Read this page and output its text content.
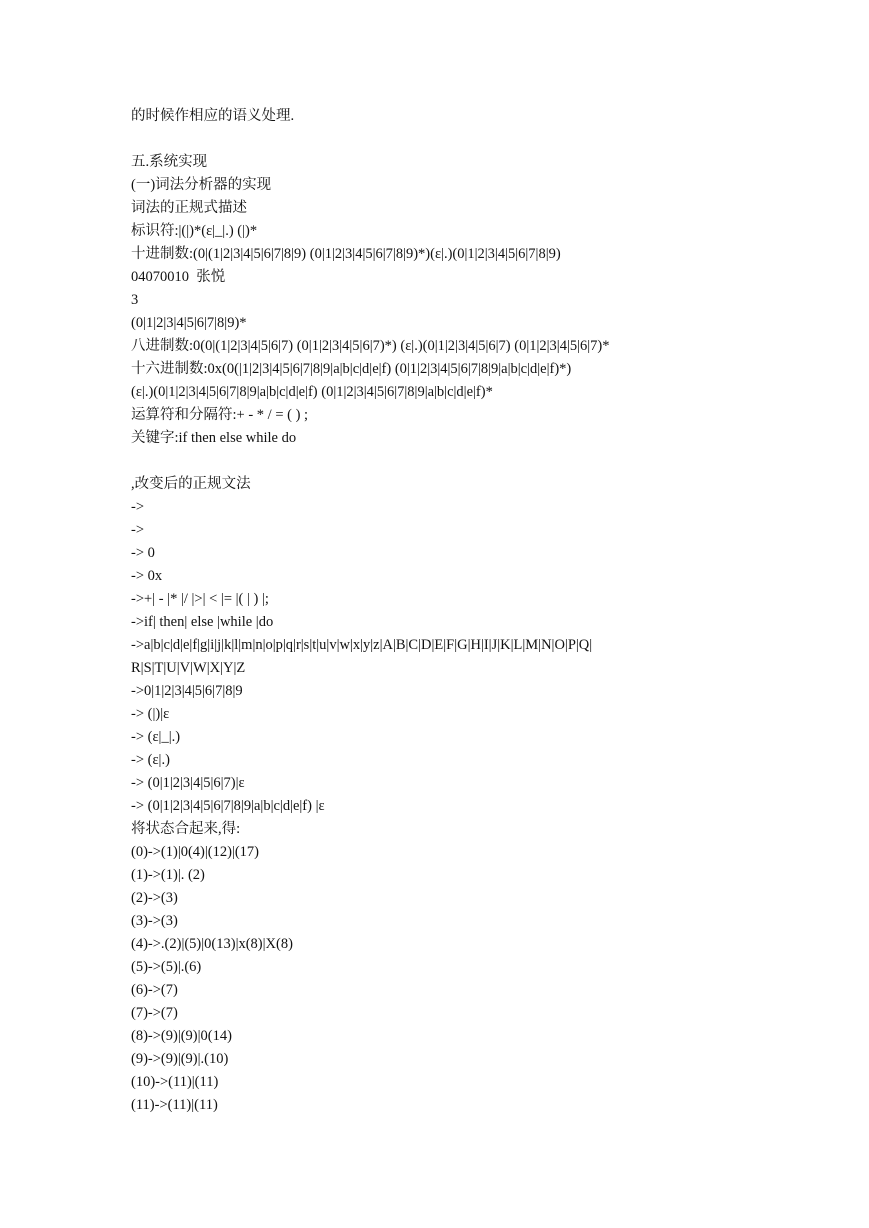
的时候作相应的语义处理.
五.系统实现
(一)词法分析器的实现
词法的正规式描述
标识符:|(|)*(ε|_|.) (|)*
十进制数:(0|(1|2|3|4|5|6|7|8|9) (0|1|2|3|4|5|6|7|8|9)*)(ε|.)(0|1|2|3|4|5|6|7|8|9)
04070010  张悦
3
(0|1|2|3|4|5|6|7|8|9)*
八进制数:0(0|(1|2|3|4|5|6|7) (0|1|2|3|4|5|6|7)*) (ε|.)(0|1|2|3|4|5|6|7) (0|1|2|3|4|5|6|7)*
十六进制数:0x(0(|1|2|3|4|5|6|7|8|9|a|b|c|d|e|f) (0|1|2|3|4|5|6|7|8|9|a|b|c|d|e|f)*)
(ε|.)(0|1|2|3|4|5|6|7|8|9|a|b|c|d|e|f) (0|1|2|3|4|5|6|7|8|9|a|b|c|d|e|f)*
运算符和分隔符:+ - * / = ( ) ;
关键字:if then else while do
,改变后的正规文法
->
->
-> 0
-> 0x
->+| - |* |/ |>| < |= |( | ) |;
->if| then| else |while |do
->a|b|c|d|e|f|g|i|j|k|l|m|n|o|p|q|r|s|t|u|v|w|x|y|z|A|B|C|D|E|F|G|H|I|J|K|L|M|N|O|P|Q|
R|S|T|U|V|W|X|Y|Z
->0|1|2|3|4|5|6|7|8|9
-> (|)|ε
-> (ε|_|.)
-> (ε|.)
-> (0|1|2|3|4|5|6|7)|ε
-> (0|1|2|3|4|5|6|7|8|9|a|b|c|d|e|f) |ε
将状态合起来,得:
(0)->(1)|0(4)|(12)|(17)
(1)->(1)|. (2)
(2)->(3)
(3)->(3)
(4)->.(2)|(5)|0(13)|x(8)|X(8)
(5)->(5)|.(6)
(6)->(7)
(7)->(7)
(8)->(9)|(9)|0(14)
(9)->(9)|(9)|.(10)
(10)->(11)|(11)
(11)->(11)|(11)
